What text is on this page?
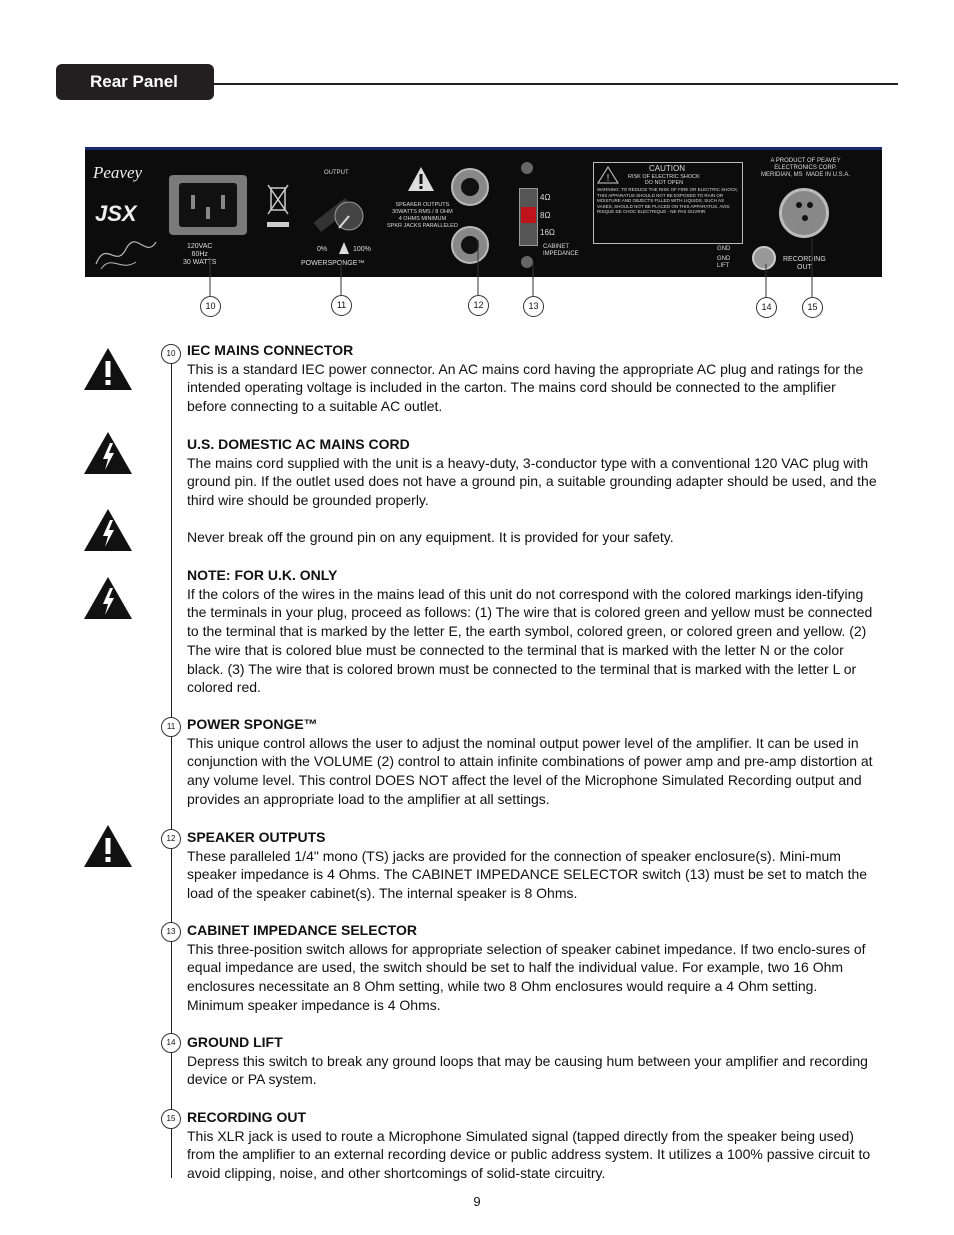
Rear Panel
Peavey
JSX
120VAC
60Hz
30 WATTS
OUTPUT
0%	100%
POWERSPONGE™
SPEAKER OUTPUTS
30WATTS RMS / 8 OHM
4 OHMS MINIMUM
SPKR JACKS PARALLELED
4Ω
8Ω
16Ω
CABINET
IMPEDANCE
!
CAUTION
RISK OF ELECTRIC SHOCK
DO NOT OPEN
WARNING: TO REDUCE THE RISK OF FIRE OR ELECTRIC SHOCK, THIS APPARATUS SHOULD NOT BE EXPOSED TO RAIN OR MOISTURE AND OBJECTS FILLED WITH LIQUIDS, SUCH AS VASES, SHOULD NOT BE PLACED ON THIS APPARATUS. AVIS: RISQUE DE CHOC ELECTRIQUE - NE PAS OUVRIR.
A PRODUCT OF PEAVEY
ELECTRONICS CORP.
MERIDIAN, MS  MADE IN U.S.A.
GND
GND
LIFT
RECORDING
OUT
10	11	12	13	14	15
10
11
12
13
14
15

IEC MAINS CONNECTOR

This is a standard IEC power connector. An AC mains cord having the appropriate AC plug and ratings for the intended operating voltage is included in the carton. The mains cord should be connected to the amplifier before connecting to a suitable AC outlet.

U.S. DOMESTIC AC MAINS CORD

The mains cord supplied with the unit is a heavy-duty, 3-conductor type with a conventional 120 VAC plug with ground pin. If the outlet used does not have a ground pin, a suitable grounding adapter should be used, and the third wire should be grounded properly.

Never break off the ground pin on any equipment. It is provided for your safety.

NOTE: FOR U.K. ONLY

If the colors of the wires in the mains lead of this unit do not correspond with the colored markings iden-tifying the terminals in your plug, proceed as follows: (1) The wire that is colored green and yellow must be connected to the terminal that is marked by the letter E, the earth symbol, colored green, or colored green and yellow. (2) The wire that is colored blue must be connected to the terminal that is marked with the letter N or the color black. (3) The wire that is colored brown must be connected to the terminal that is marked with the letter L or colored red.

POWER SPONGE™

This unique control allows the user to adjust the nominal output power level of the amplifier. It can be used in conjunction with the VOLUME (2) control to attain infinite combinations of power amp and pre-amp distortion at any volume level. This control DOES NOT affect the level of the Microphone Simulated Recording output and provides an appropriate load to the amplifier at all settings.

SPEAKER OUTPUTS

These paralleled 1/4" mono (TS) jacks are provided for the connection of speaker enclosure(s). Mini-mum speaker impedance is 4 Ohms. The CABINET IMPEDANCE SELECTOR switch (13) must be set to match the load of the speaker cabinet(s). The internal speaker is 8 Ohms.

CABINET IMPEDANCE SELECTOR

This three-position switch allows for appropriate selection of speaker cabinet impedance. If two enclo-sures of equal impedance are used, the switch should be set to half the individual value. For example, two 16 Ohm enclosures necessitate an 8 Ohm setting, while two 8 Ohm enclosures would require a 4 Ohm setting. Minimum speaker impedance is 4 Ohms.

GROUND LIFT

Depress this switch to break any ground loops that may be causing hum between your amplifier and recording device or PA system.

RECORDING OUT

This XLR jack is used to route a Microphone Simulated signal (tapped directly from the speaker being used) from the amplifier to an external recording device or public address system. It utilizes a 100% passive circuit to avoid clipping, noise, and other shortcomings of solid-state circuitry.

9
